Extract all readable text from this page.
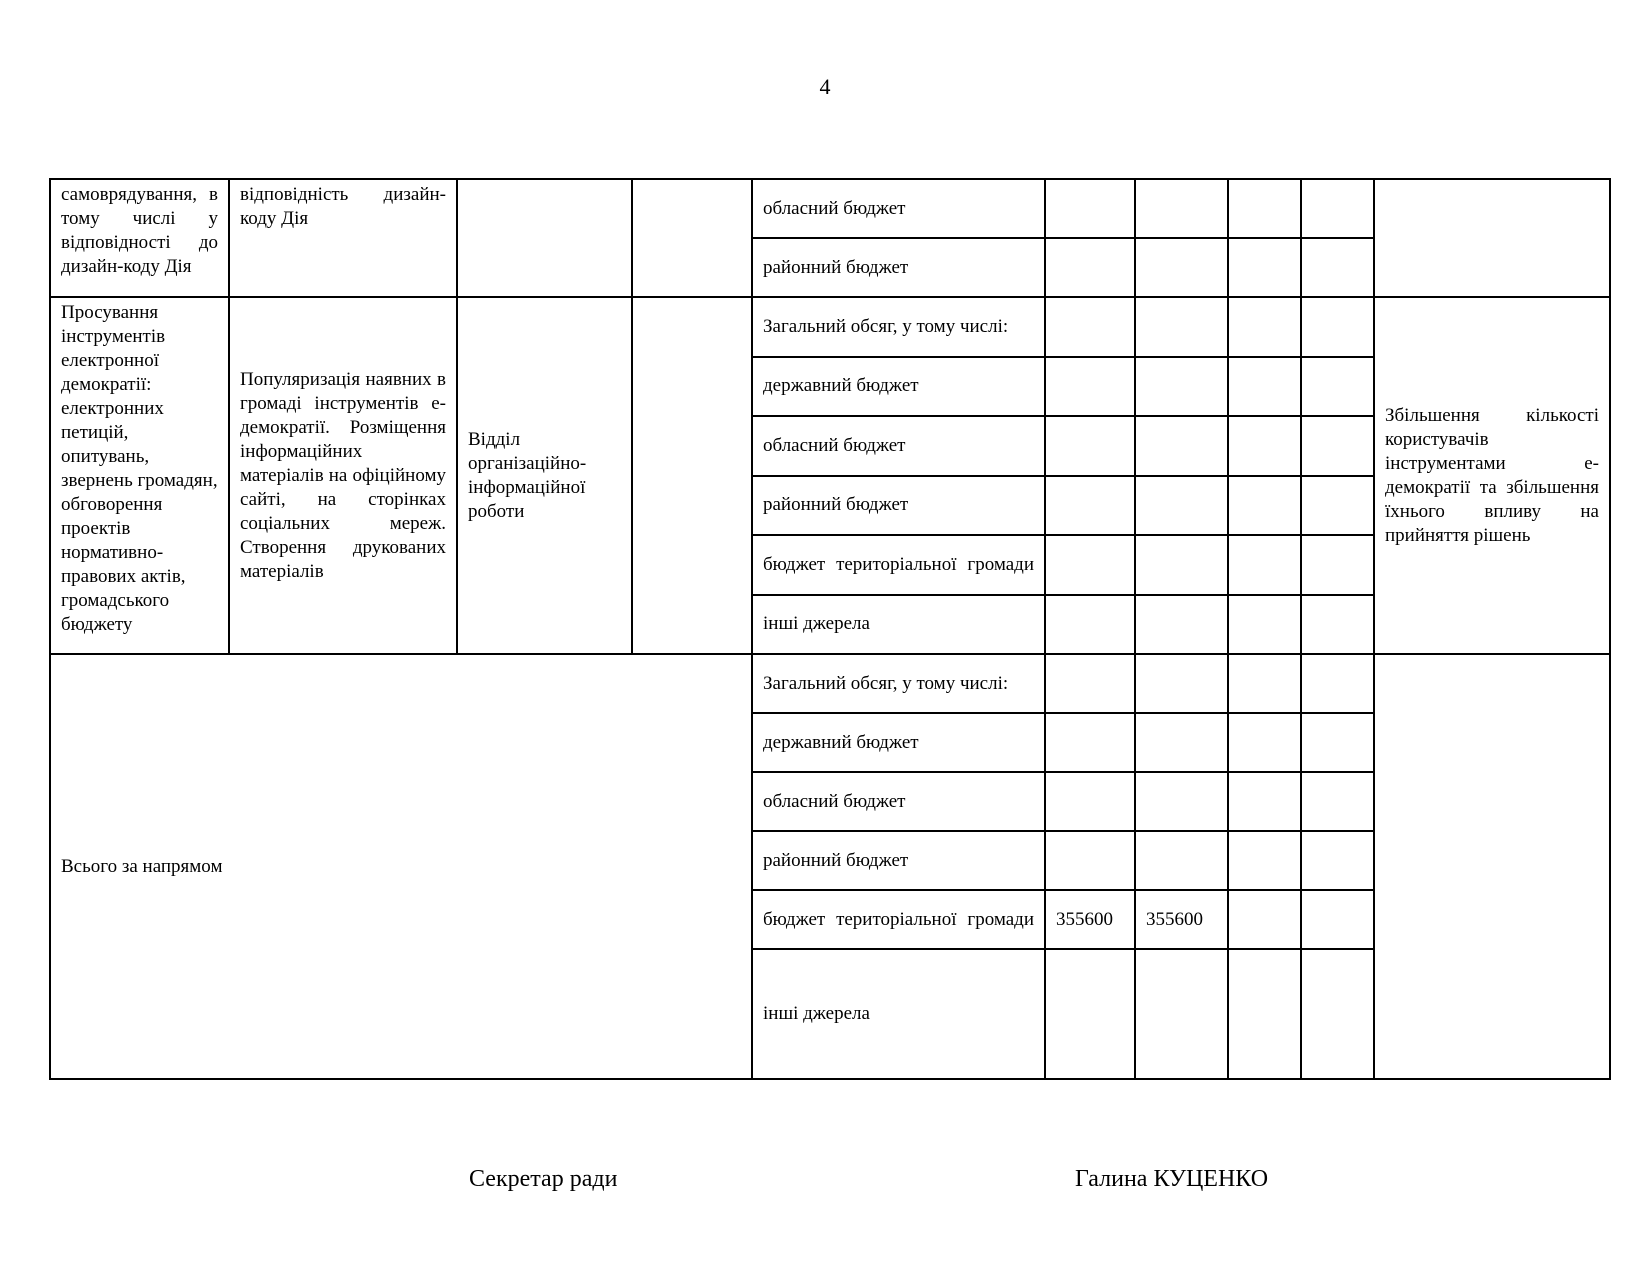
4
самоврядування, в тому числі у відповідності до дизайн-коду Дія	відповідність дизайн-коду Дія			обласний бюджет					
				районний бюджет					

Просування інструментів електронної демократії: електронних петицій, опитувань, звернень громадян, обговорення проектів нормативно-правових актів, громадського бюджету	Популяризація наявних в громаді інструментів е-демократії. Розміщення інформаційних матеріалів на офіційному сайті, на сторінках соціальних мереж. Створення друкованих матеріалів	Відділ організаційно-інформаційної роботи		Загальний обсяг, у тому числі:					Збільшення кількості користувачів інструментами е-демократії та збільшення їхнього впливу на прийняття рішень
				державний бюджет					
				обласний бюджет					
				районний бюджет					
				бюджет територіальної громади					
				інші джерела					
Всього за напрямом				Загальний обсяг, у тому числі:					
				державний бюджет					
				обласний бюджет					
				районний бюджет					
				бюджет територіальної громади	355600	355600			
				інші джерела					
Секретар ради	Галина КУЦЕНКО
